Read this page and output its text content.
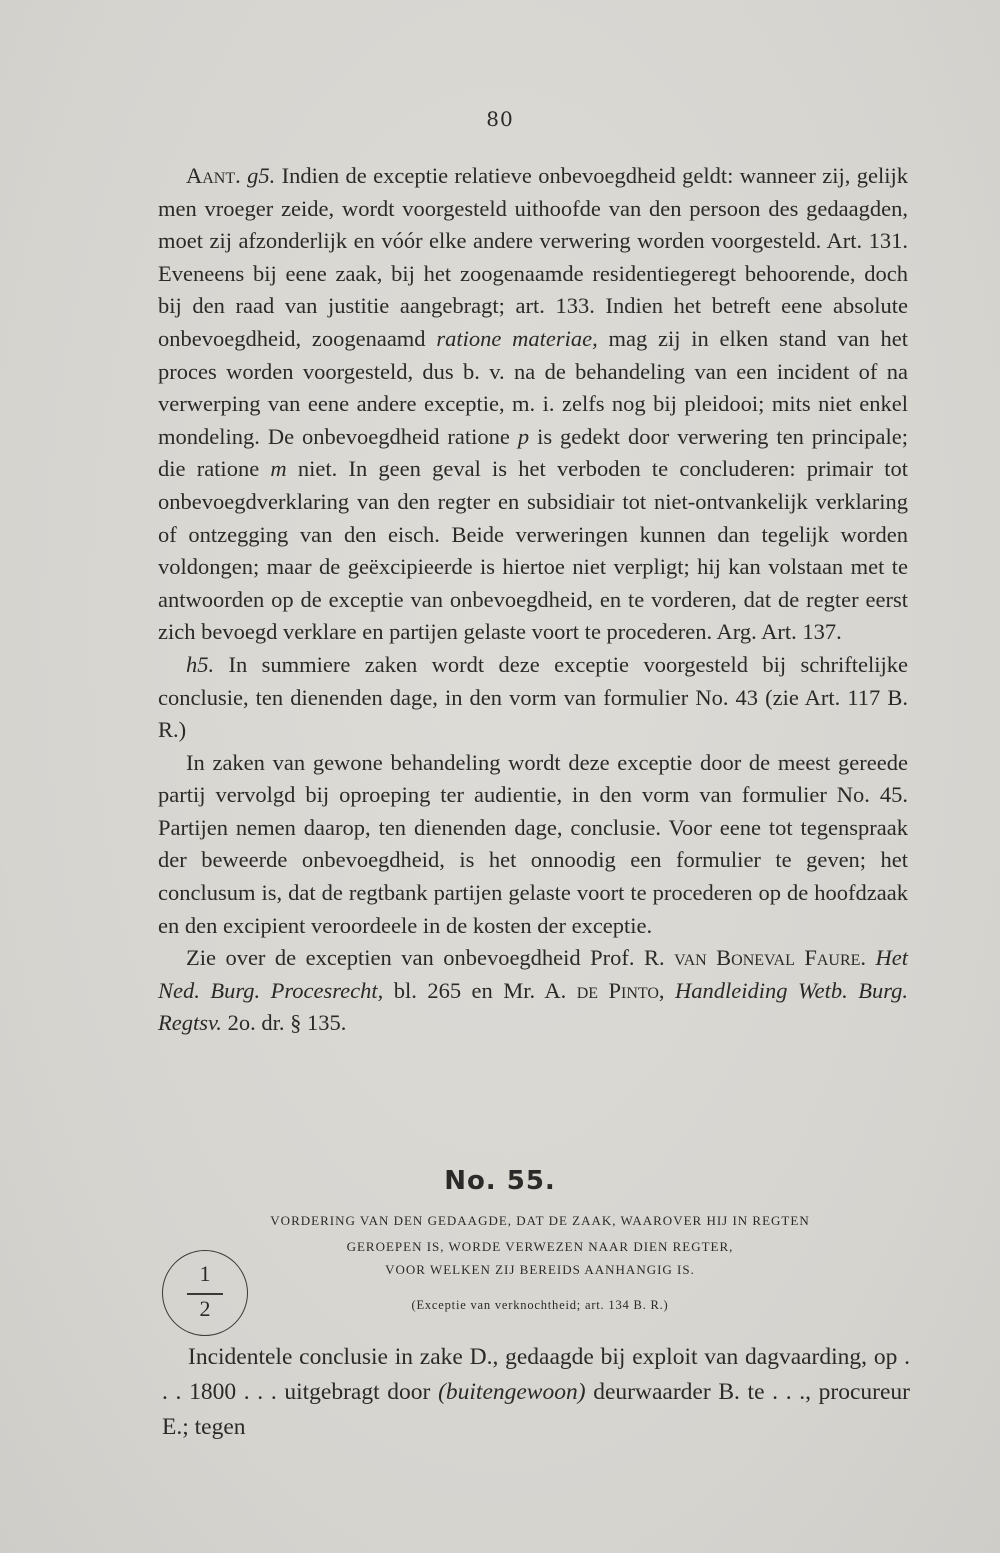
80

Aant. g5. Indien de exceptie relatieve onbevoegdheid geldt: wanneer zij, gelijk men vroeger zeide, wordt voorgesteld uithoofde van den persoon des gedaagden, moet zij afzonderlijk en vóór elke andere verwering worden voorgesteld. Art. 131. Eveneens bij eene zaak, bij het zoogenaamde residentiegeregt behoorende, doch bij den raad van justitie aangebragt; art. 133. Indien het betreft eene absolute onbevoegdheid, zoogenaamd ratione materiae, mag zij in elken stand van het proces worden voorgesteld, dus b. v. na de behandeling van een incident of na verwerping van eene andere exceptie, m. i. zelfs nog bij pleidooi; mits niet enkel mondeling. De onbevoegdheid ratione p is gedekt door verwering ten principale; die ratione m niet. In geen geval is het verboden te concluderen: primair tot onbevoegdverklaring van den regter en subsidiair tot niet-ontvankelijk verklaring of ontzegging van den eisch. Beide verweringen kunnen dan tegelijk worden voldongen; maar de geëxcipieerde is hiertoe niet verpligt; hij kan volstaan met te antwoorden op de exceptie van onbevoegdheid, en te vorderen, dat de regter eerst zich bevoegd verklare en partijen gelaste voort te procederen. Arg. Art. 137.

h5. In summiere zaken wordt deze exceptie voorgesteld bij schriftelijke conclusie, ten dienenden dage, in den vorm van formulier No. 43 (zie Art. 117 B. R.)

In zaken van gewone behandeling wordt deze exceptie door de meest gereede partij vervolgd bij oproeping ter audientie, in den vorm van formulier No. 45. Partijen nemen daarop, ten dienenden dage, conclusie. Voor eene tot tegenspraak der beweerde onbevoegdheid, is het onnoodig een formulier te geven; het conclusum is, dat de regtbank partijen gelaste voort te procederen op de hoofdzaak en den excipient veroordeele in de kosten der exceptie.

Zie over de exceptien van onbevoegdheid Prof. R. van Boneval Faure. Het Ned. Burg. Procesrecht, bl. 265 en Mr. A. de Pinto, Handleiding Wetb. Burg. Regtsv. 2o. dr. § 135.

No. 55.
VORDERING VAN DEN GEDAAGDE, DAT DE ZAAK, WAAROVER HIJ IN REGTEN
GEROEPEN IS, WORDE VERWEZEN NAAR DIEN REGTER,
VOOR WELKEN ZIJ BEREIDS AANHANGIG IS.
1
2	(Exceptie van verknochtheid; art. 134 B. R.)

Incidentele conclusie in zake D., gedaagde bij exploit van dagvaarding, op . . . 1800 . . . uitgebragt door (buitengewoon) deurwaarder B. te . . ., procureur E.; tegen
